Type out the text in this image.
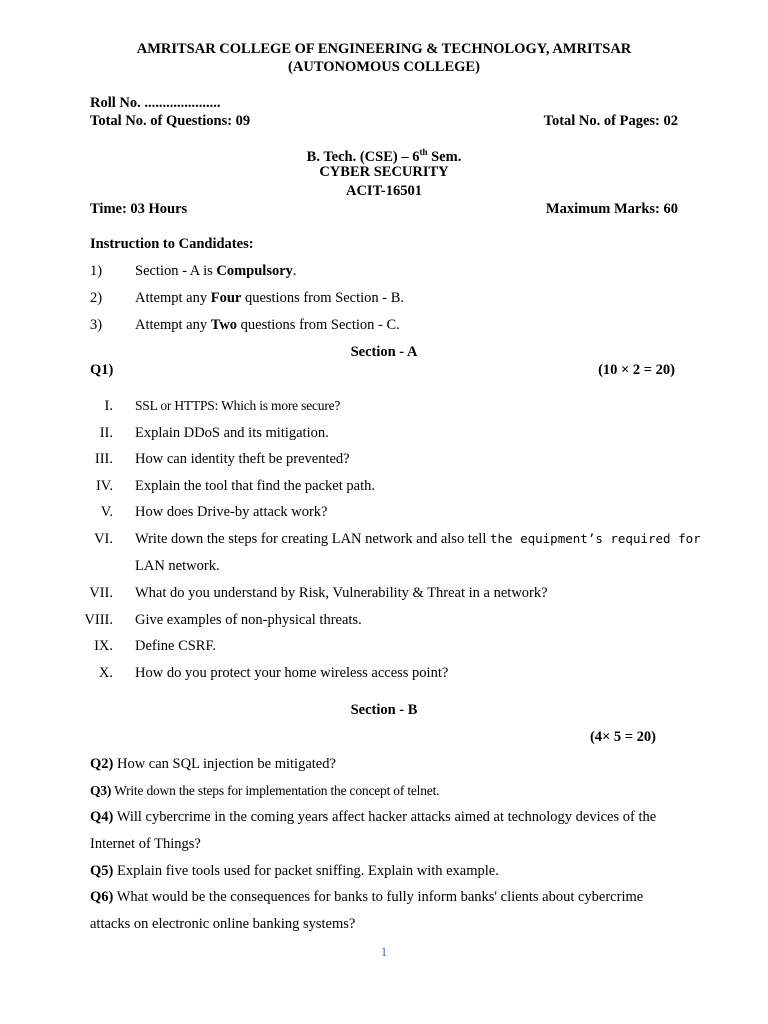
AMRITSAR COLLEGE OF ENGINEERING & TECHNOLOGY, AMRITSAR
(AUTONOMOUS COLLEGE)
Roll No. .....................
Total No. of Questions: 09	Total No. of Pages: 02
B. Tech. (CSE) – 6th Sem.
CYBER SECURITY
ACIT-16501
Time: 03 Hours	Maximum Marks: 60
Instruction to Candidates:
1) Section - A is Compulsory.
2) Attempt any Four questions from Section - B.
3) Attempt any Two questions from Section - C.
Section - A
Q1)	(10 × 2 = 20)
I. SSL or HTTPS: Which is more secure?
II. Explain DDoS and its mitigation.
III. How can identity theft be prevented?
IV. Explain the tool that find the packet path.
V. How does Drive-by attack work?
VI. Write down the steps for creating LAN network and also tell the equipment’s required for
LAN network.
VII. What do you understand by Risk, Vulnerability & Threat in a network?
VIII. Give examples of non-physical threats.
IX. Define CSRF.
X. How do you protect your home wireless access point?
Section - B
(4× 5 = 20)
Q2) How can SQL injection be mitigated?
Q3) Write down the steps for implementation the concept of telnet.
Q4) Will cybercrime in the coming years affect hacker attacks aimed at technology devices of the
Internet of Things?
Q5) Explain five tools used for packet sniffing. Explain with example.
Q6) What would be the consequences for banks to fully inform banks' clients about cybercrime
attacks on electronic online banking systems?
1
